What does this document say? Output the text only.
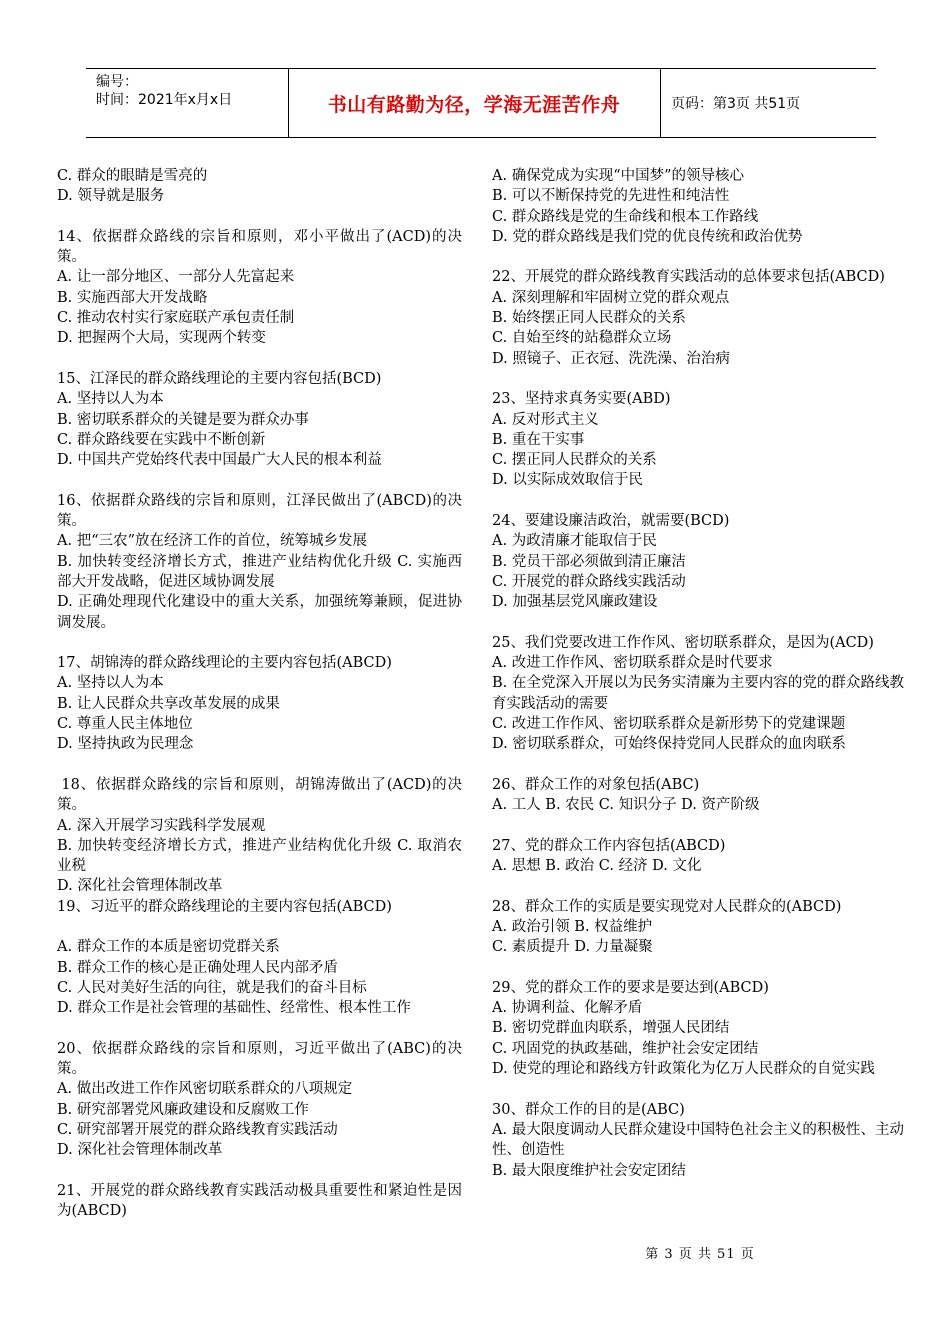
编号：
时间：2021年x月x日	书山有路勤为径，学海无涯苦作舟	页码：第3页 共51页

C. 群众的眼睛是雪亮的

D. 领导就是服务

14、依据群众路线的宗旨和原则，邓小平做出了(ACD)的决策。

A. 让一部分地区、一部分人先富起来

B. 实施西部大开发战略

C. 推动农村实行家庭联产承包责任制

D. 把握两个大局，实现两个转变

15、江泽民的群众路线理论的主要内容包括(BCD)

A. 坚持以人为本

B. 密切联系群众的关键是要为群众办事

C. 群众路线要在实践中不断创新

D. 中国共产党始终代表中国最广大人民的根本利益

16、依据群众路线的宗旨和原则，江泽民做出了(ABCD)的决策。

A. 把“三农”放在经济工作的首位，统筹城乡发展

B. 加快转变经济增长方式，推进产业结构优化升级 C. 实施西部大开发战略，促进区域协调发展

D. 正确处理现代化建设中的重大关系，加强统筹兼顾，促进协调发展。

17、胡锦涛的群众路线理论的主要内容包括(ABCD)

A. 坚持以人为本

B. 让人民群众共享改革发展的成果

C. 尊重人民主体地位

D. 坚持执政为民理念

18、依据群众路线的宗旨和原则，胡锦涛做出了(ACD)的决策。

A. 深入开展学习实践科学发展观

B. 加快转变经济增长方式，推进产业结构优化升级 C. 取消农业税

D. 深化社会管理体制改革

19、习近平的群众路线理论的主要内容包括(ABCD)

A. 群众工作的本质是密切党群关系

B. 群众工作的核心是正确处理人民内部矛盾

C. 人民对美好生活的向往，就是我们的奋斗目标

D. 群众工作是社会管理的基础性、经常性、根本性工作

20、依据群众路线的宗旨和原则，习近平做出了(ABC)的决策。

A. 做出改进工作作风密切联系群众的八项规定

B. 研究部署党风廉政建设和反腐败工作

C. 研究部署开展党的群众路线教育实践活动

D. 深化社会管理体制改革

21、开展党的群众路线教育实践活动极具重要性和紧迫性是因为(ABCD)

A. 确保党成为实现“中国梦”的领导核心

B. 可以不断保持党的先进性和纯洁性

C. 群众路线是党的生命线和根本工作路线

D. 党的群众路线是我们党的优良传统和政治优势

22、开展党的群众路线教育实践活动的总体要求包括(ABCD)

A. 深刻理解和牢固树立党的群众观点

B. 始终摆正同人民群众的关系

C. 自始至终的站稳群众立场

D. 照镜子、正衣冠、洗洗澡、治治病

23、坚持求真务实要(ABD)

A. 反对形式主义

B. 重在干实事

C. 摆正同人民群众的关系

D. 以实际成效取信于民

24、要建设廉洁政治，就需要(BCD)

A. 为政清廉才能取信于民

B. 党员干部必须做到清正廉洁

C. 开展党的群众路线实践活动

D. 加强基层党风廉政建设

25、我们党要改进工作作风、密切联系群众，是因为(ACD)

A. 改进工作作风、密切联系群众是时代要求

B. 在全党深入开展以为民务实清廉为主要内容的党的群众路线教育实践活动的需要

C. 改进工作作风、密切联系群众是新形势下的党建课题

D. 密切联系群众，可始终保持党同人民群众的血肉联系

26、群众工作的对象包括(ABC)

A. 工人 B. 农民 C. 知识分子 D. 资产阶级

27、党的群众工作内容包括(ABCD)

A. 思想 B. 政治 C. 经济 D. 文化

28、群众工作的实质是要实现党对人民群众的(ABCD)

A. 政治引领 B. 权益维护

C. 素质提升 D. 力量凝聚

29、党的群众工作的要求是要达到(ABCD)

A. 协调利益、化解矛盾

B. 密切党群血肉联系，增强人民团结

C. 巩固党的执政基础，维护社会安定团结

D. 使党的理论和路线方针政策化为亿万人民群众的自觉实践

30、群众工作的目的是(ABC)

A. 最大限度调动人民群众建设中国特色社会主义的积极性、主动性、创造性

B. 最大限度维护社会安定团结

第 3 页 共 51 页
